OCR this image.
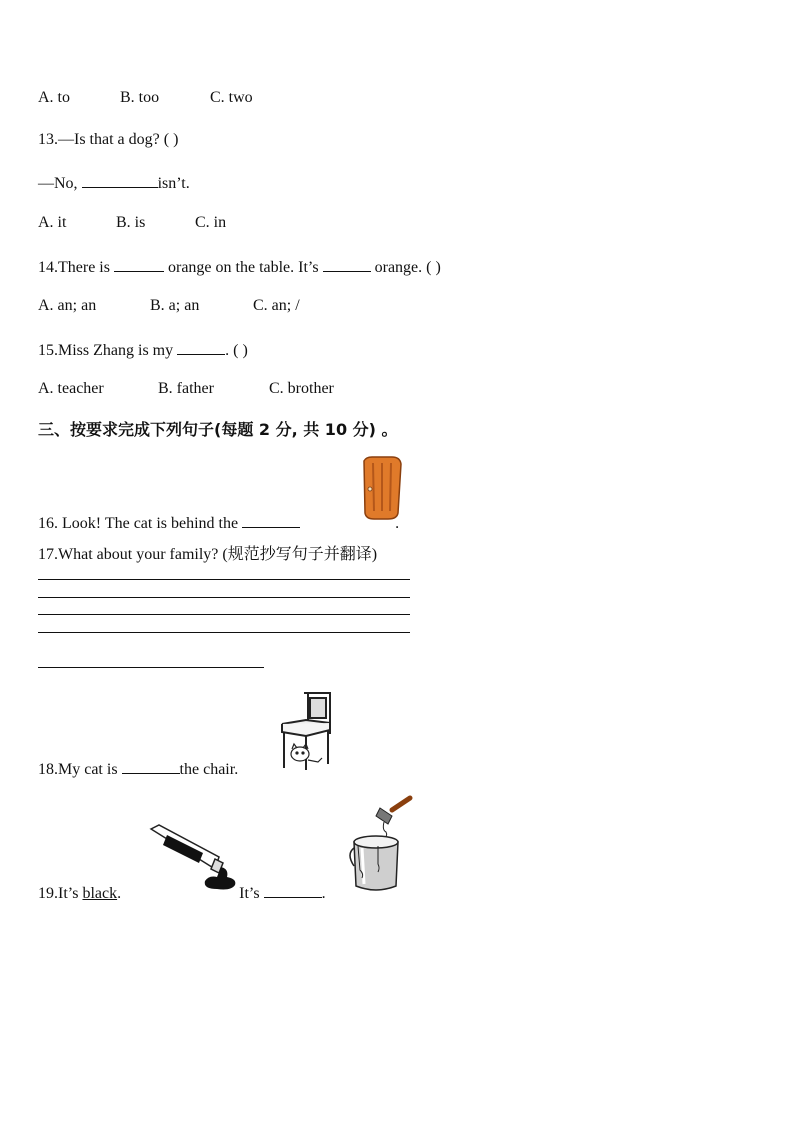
A. to	B. too	C. two
13.—Is that a dog? ( )
—No,	isn’t.
A. it	B. is	C. in
14.There is	orange on the table. It’s	orange. ( )
A. an; an	B. a; an	C. an; /
15.Miss Zhang is my	. ( )
A. teacher	B. father	C. brother
三、按要求完成下列句子(每题 2 分, 共 10 分) 。
16. Look! The cat is behind the	.
17.What about your family? (规范抄写句子并翻译)
18.My cat is	the chair.
19.It’s black.	It’s	.
